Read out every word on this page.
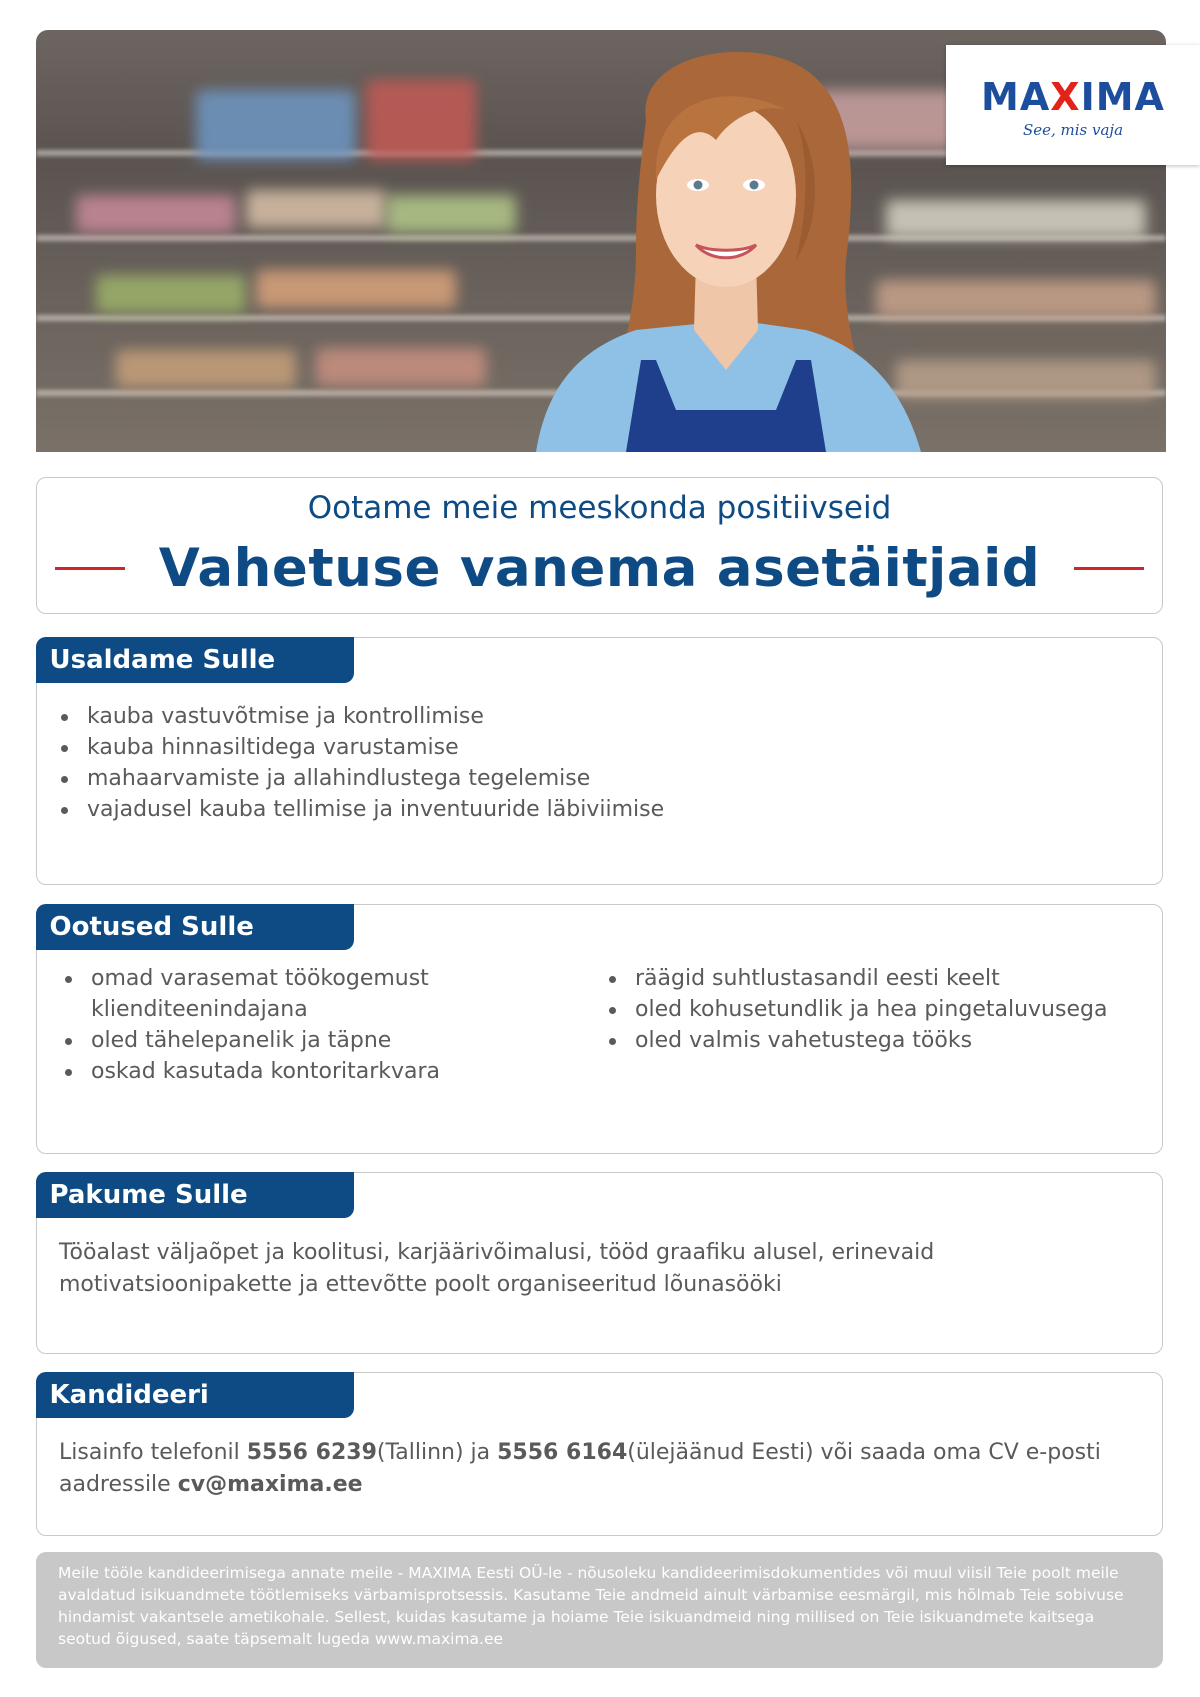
MAXIMA
See, mis vaja
Ootame meie meeskonda positiivseid
Vahetuse vanema asetäitjaid
Usaldame Sulle
kauba vastuvõtmise ja kontrollimise
kauba hinnasiltidega varustamise
mahaarvamiste ja allahindlustega tegelemise
vajadusel kauba tellimise ja inventuuride läbiviimise
Ootused Sulle
omad varasemat töökogemust klienditeenindajana
oled tähelepanelik ja täpne
oskad kasutada kontoritarkvara
räägid suhtlustasandil eesti keelt
oled kohusetundlik ja hea pingetaluvusega
oled valmis vahetustega tööks
Pakume Sulle
Tööalast väljaõpet ja koolitusi, karjäärivõimalusi, tööd graafiku alusel, erinevaid motivatsioonipakette ja ettevõtte poolt organiseeritud lõunasööki
Kandideeri
Lisainfo telefonil 5556 6239(Tallinn) ja 5556 6164(ülejäänud Eesti) või saada oma CV e-posti aadressile cv@maxima.ee
Meile tööle kandideerimisega annate meile - MAXIMA Eesti OÜ-le - nõusoleku kandideerimisdokumentides või muul viisil Teie poolt meile avaldatud isikuandmete töötlemiseks värbamisprotsessis. Kasutame Teie andmeid ainult värbamise eesmärgil, mis hõlmab Teie sobivuse hindamist vakantsele ametikohale. Sellest, kuidas kasutame ja hoiame Teie isikuandmeid ning millised on Teie isikuandmete kaitsega seotud õigused, saate täpsemalt lugeda www.maxima.ee
